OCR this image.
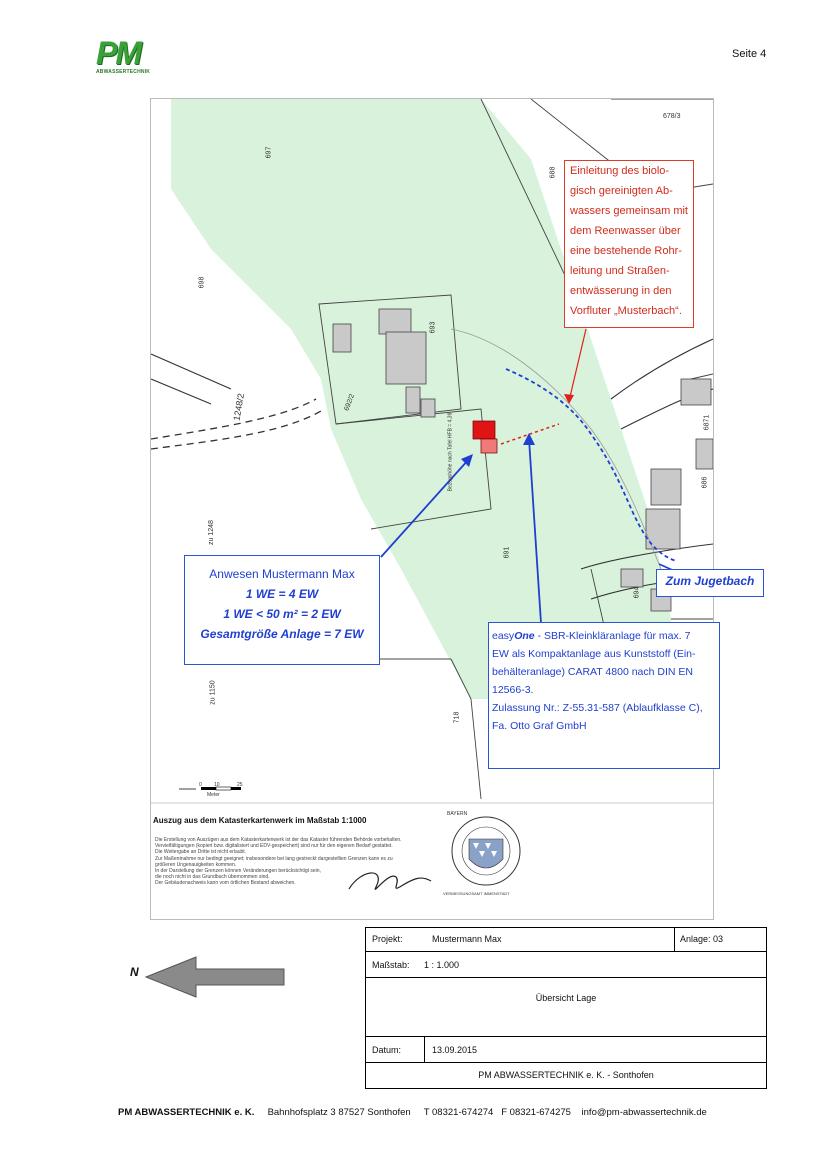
PM
ABWASSERTECHNIK
Seite 4
678/3
688
693
692/2
1248/2
zu 1248
zu 1150
691
686
6871
694
718
697
698
Bezugshöhe nach Tafel HFB = 4,39
0 10	25
Meter
BAYERN
VERMESSUNGSAMT IMMENSTADT
Auszug aus dem Katasterkartenwerk im Maßstab 1:1000
Die Erstellung von Auszügen aus dem Katasterkartenwerk ist der das Kataster führenden Behörde vorbehalten.
Vervielfältigungen (kopiert bzw. digitalisiert und EDV-gespeichert) sind nur für den eigenen Bedarf gestattet.
Die Weitergabe an Dritte ist nicht erlaubt.
Zur Maßentnahme nur bedingt geeignet; insbesondere bei lang gestreckt dargestellten Grenzen kann es zu
größeren Ungenauigkeiten kommen.
In der Darstellung der Grenzen können Veränderungen berücksichtigt sein,
die noch nicht in das Grundbuch übernommen sind.
Der Gebäudenachweis kann vom örtlichen Bestand abweichen.
Einleitung des biolo-
gisch gereinigten Ab-
wassers gemeinsam mit
dem Reenwasser über
eine bestehende Rohr-
leitung und Straßen-
entwässerung in den
Vorfluter „Musterbach“.
Anwesen Mustermann Max
1 WE = 4 EW
1 WE < 50 m² = 2 EW
Gesamtgröße Anlage = 7 EW
Zum Jugetbach
easyOne - SBR-Kleinkläranlage für max. 7
EW als Kompaktanlage aus Kunststoff (Ein-
behälteranlage) CARAT 4800 nach DIN EN
12566-3.
Zulassung Nr.: Z-55.31-587 (Ablaufklasse C),
Fa. Otto Graf GmbH
N
Projekt:	Mustermann Max	Anlage: 03
Maßstab: 1 : 1.000
Übersicht Lage
Datum:	13.09.2015
PM ABWASSERTECHNIK e. K. - Sonthofen
PM ABWASSERTECHNIK e. K. Bahnhofsplatz 3 87527 Sonthofen T 08321-674274 F 08321-674275 info@pm-abwassertechnik.de
